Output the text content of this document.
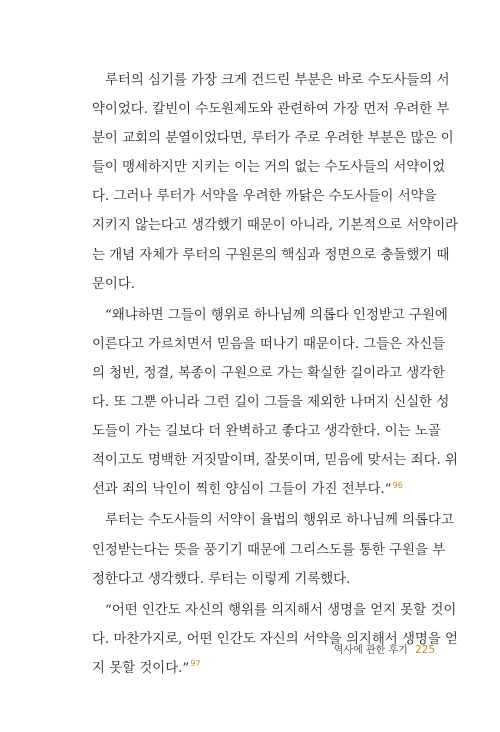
루터의 심기를 가장 크게 건드린 부분은 바로 수도사들의 서
약이었다. 칼빈이 수도원제도와 관련하여 가장 먼저 우려한 부
분이 교회의 분열이었다면, 루터가 주로 우려한 부분은 많은 이
들이 맹세하지만 지키는 이는 거의 없는 수도사들의 서약이었
다. 그러나 루터가 서약을 우려한 까닭은 수도사들이 서약을
지키지 않는다고 생각했기 때문이 아니라, 기본적으로 서약이라
는 개념 자체가 루터의 구원론의 핵심과 정면으로 충돌했기 때
문이다.
“왜냐하면 그들이 행위로 하나님께 의롭다 인정받고 구원에
이른다고 가르치면서 믿음을 떠나기 때문이다. 그들은 자신들
의 청빈, 정결, 복종이 구원으로 가는 확실한 길이라고 생각한
다. 또 그뿐 아니라 그런 길이 그들을 제외한 나머지 신실한 성
도들이 가는 길보다 더 완벽하고 좋다고 생각한다. 이는 노골
적이고도 명백한 거짓말이며, 잘못이며, 믿음에 맞서는 죄다. 위
선과 죄의 낙인이 찍힌 양심이 그들이 가진 전부다.”$^{96}$
루터는 수도사들의 서약이 율법의 행위로 하나님께 의롭다고
인정받는다는 뜻을 풍기기 때문에 그리스도를 통한 구원을 부
정한다고 생각했다. 루터는 이렇게 기록했다.
“어떤 인간도 자신의 행위를 의지해서 생명을 얻지 못할 것이
다. 마찬가지로, 어떤 인간도 자신의 서약을 의지해서 생명을 얻
지 못할 것이다.”$^{97}$
역사에 관한 후기 225
